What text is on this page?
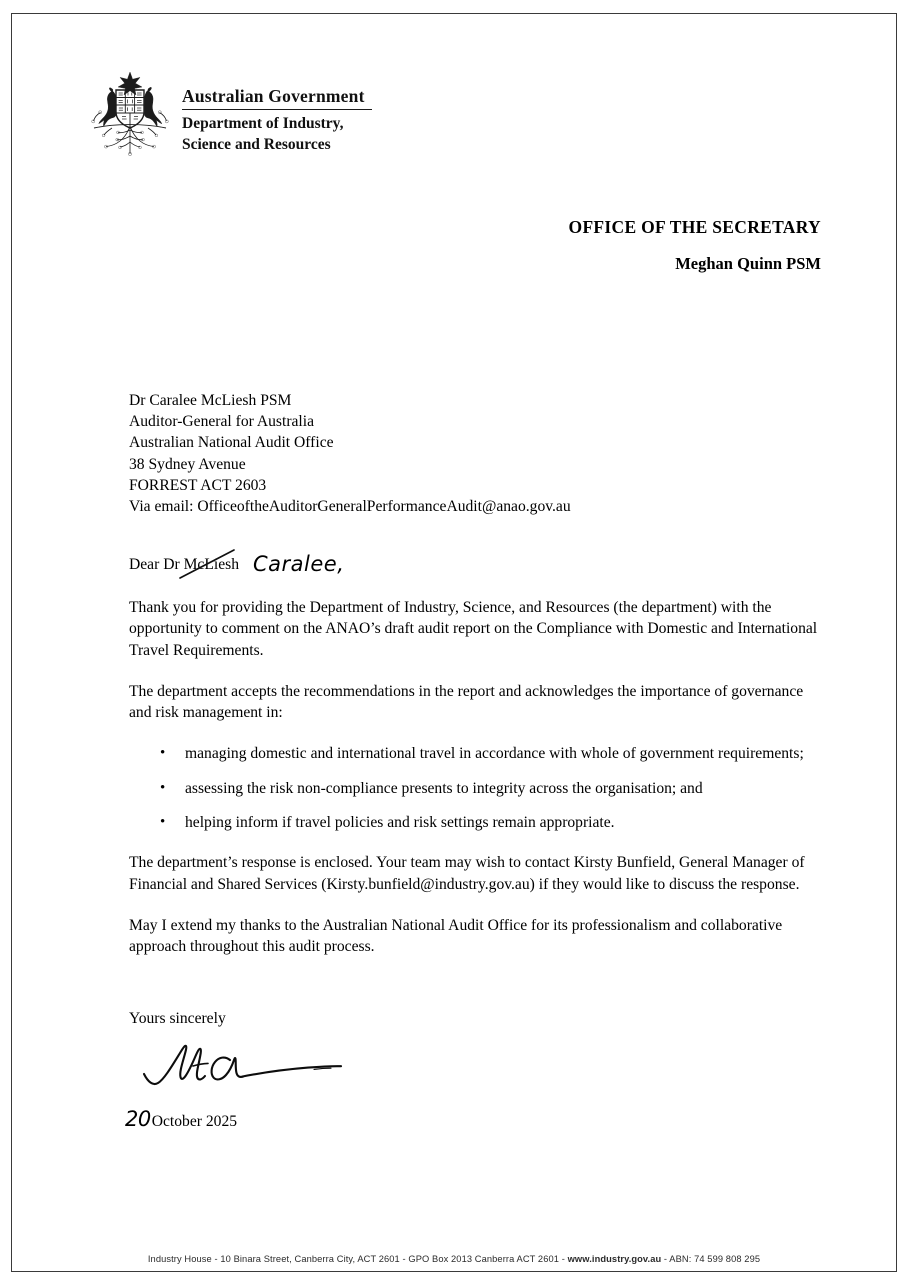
Australian Government
Department of Industry,
Science and Resources
OFFICE OF THE SECRETARY
Meghan Quinn PSM
Dr Caralee McLiesh PSM
Auditor-General for Australia
Australian National Audit Office
38 Sydney Avenue
FORREST ACT 2603
Via email: OfficeoftheAuditorGeneralPerformanceAudit@anao.gov.au
Dear Dr McLiesh Caralee,

Thank you for providing the Department of Industry, Science, and Resources (the department) with the opportunity to comment on the ANAO’s draft audit report on the Compliance with Domestic and International Travel Requirements.

The department accepts the recommendations in the report and acknowledges the importance of governance and risk management in:

• managing domestic and international travel in accordance with whole of government requirements;
• assessing the risk non-compliance presents to integrity across the organisation; and
• helping inform if travel policies and risk settings remain appropriate.

The department’s response is enclosed. Your team may wish to contact Kirsty Bunfield, General Manager of Financial and Shared Services (Kirsty.bunfield@industry.gov.au) if they would like to discuss the response.

May I extend my thanks to the Australian National Audit Office for its professionalism and collaborative approach throughout this audit process.

Yours sincerely
20October 2025
Industry House - 10 Binara Street, Canberra City, ACT 2601 - GPO Box 2013 Canberra ACT 2601 - www.industry.gov.au - ABN: 74 599 808 295
